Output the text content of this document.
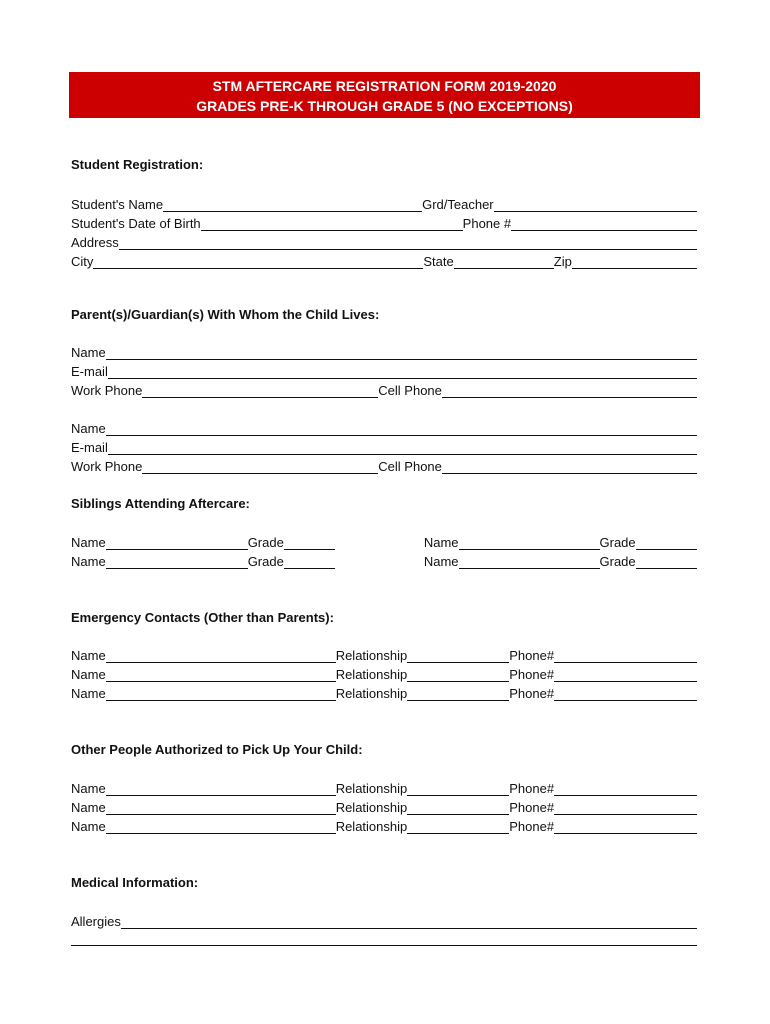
STM AFTERCARE REGISTRATION FORM 2019-2020
GRADES PRE-K THROUGH GRADE 5 (NO EXCEPTIONS)
Student Registration:
Student's Name	Grd/Teacher
Student's Date of Birth	Phone #
Address
City	State	Zip
Parent(s)/Guardian(s) With Whom the Child Lives:
Name
E-mail
Work Phone	Cell Phone
Name
E-mail
Work Phone	Cell Phone
Siblings Attending Aftercare:
Name	Grade	Name	Grade
Name	Grade	Name	Grade
Emergency Contacts (Other than Parents):
Name	Relationship	Phone#
Name	Relationship	Phone#
Name	Relationship	Phone#
Other People Authorized to Pick Up Your Child:
Name	Relationship	Phone#
Name	Relationship	Phone#
Name	Relationship	Phone#
Medical Information:
Allergies
